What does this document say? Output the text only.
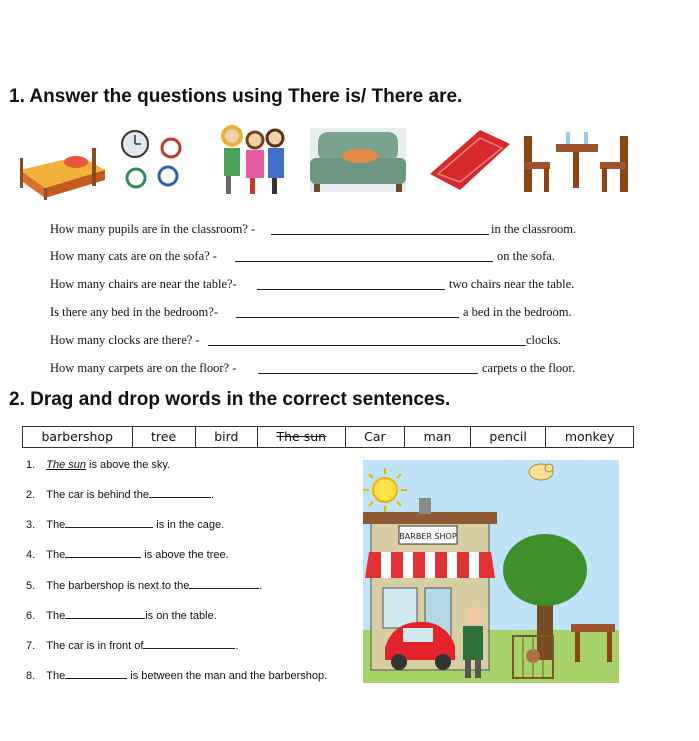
1. Answer the questions using There is/ There are.
How many pupils are in the classroom? -	in the classroom.
How many cats are on the sofa? -	on the sofa.
How many chairs are near the table?-	two chairs near the table.
Is there any bed in the bedroom?-	a bed in the bedroom.
How many clocks are there? -	clocks.
How many carpets are on the floor? -	carpets o the floor.
2. Drag and drop words in the correct sentences.
barbershop	tree	bird	The sun	Car	man	pencil	monkey
1. The sun is above the sky.
2. The car is behind the	.
3. The	is in the cage.
4. The	is above the tree.
5. The barbershop is next to the	.
6. The	is on the table.
7. The car is in front of	.
8. The	is between the man and the barbershop.
BARBER SHOP
